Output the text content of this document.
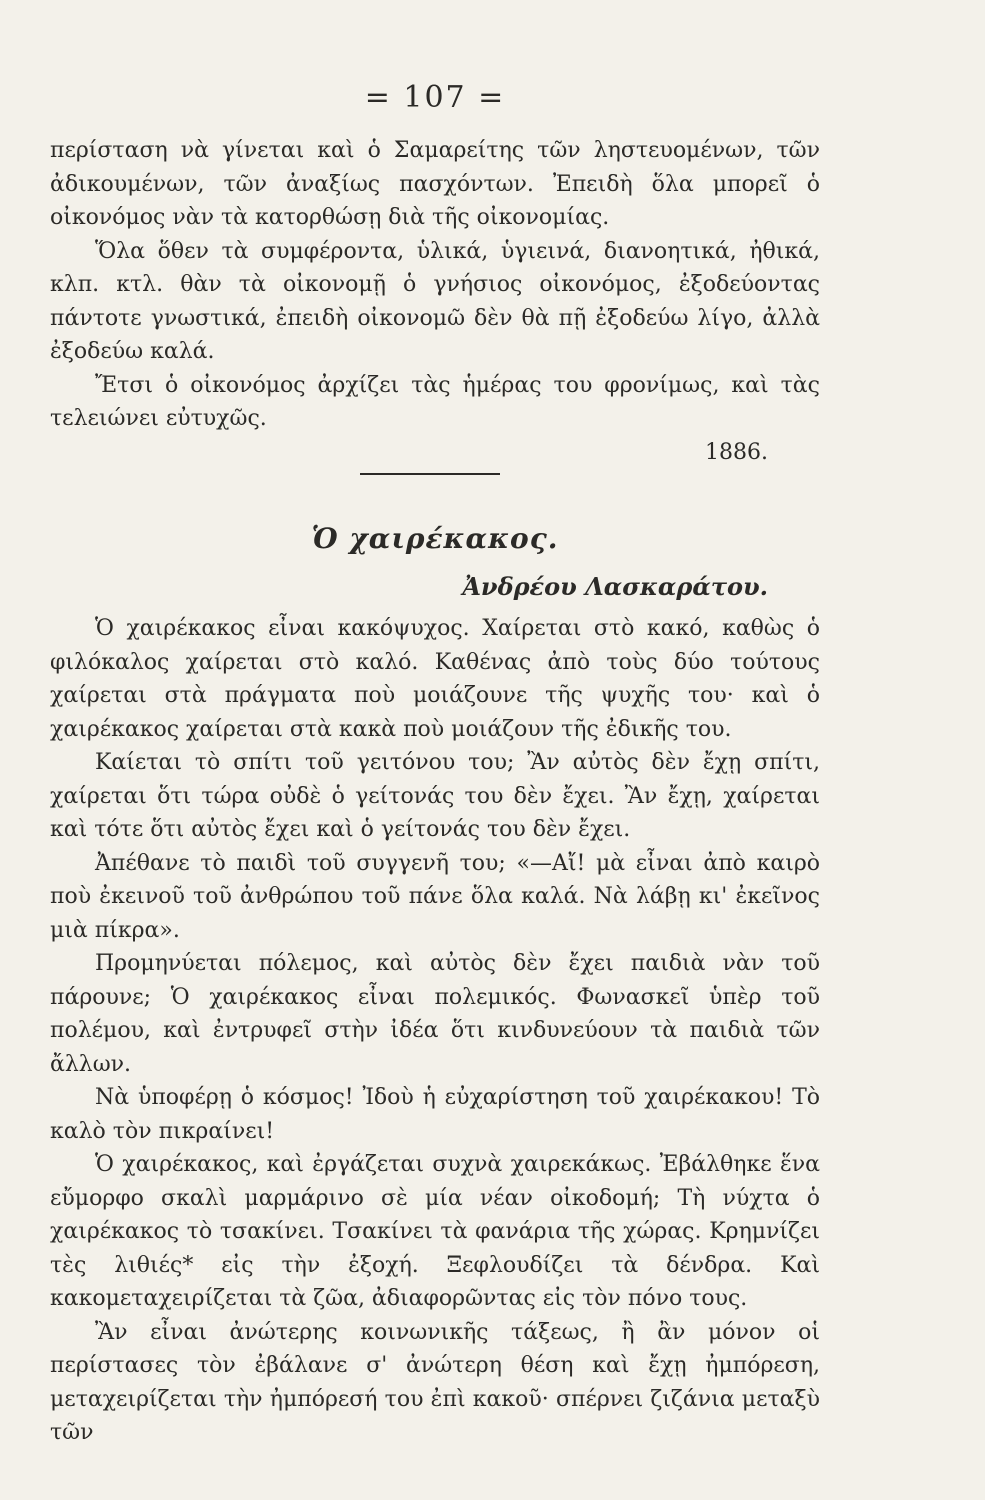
= 107 =

περίσταση νὰ γίνεται καὶ ὁ Σαμαρείτης τῶν ληστευομένων, τῶν ἀδικουμένων, τῶν ἀναξίως πασχόντων. Ἐπειδὴ ὅλα μπορεῖ ὁ οἰκονόμος νὰν τὰ κατορθώσῃ διὰ τῆς οἰκονομίας.

Ὅλα ὅθεν τὰ συμφέροντα, ὑλικά, ὑγιεινά, διανοητικά, ἠθικά, κλπ. κτλ. θὰν τὰ οἰκονομῇ ὁ γνήσιος οἰκονόμος, ἐξοδεύοντας πάντοτε γνωστικά, ἐπειδὴ οἰκονομῶ δὲν θὰ πῇ ἐξοδεύω λίγο, ἀλλὰ ἐξοδεύω καλά.

Ἔτσι ὁ οἰκονόμος ἀρχίζει τὰς ἡμέρας του φρονίμως, καὶ τὰς τελειώνει εὐτυχῶς.

1886.
Ὁ χαιρέκακος.
Ἀνδρέου Λασκαράτου.

Ὁ χαιρέκακος εἶναι κακόψυχος. Χαίρεται στὸ κακό, καθὼς ὁ φιλόκαλος χαίρεται στὸ καλό. Καθένας ἀπὸ τοὺς δύο τούτους χαίρεται στὰ πράγματα ποὺ μοιάζουνε τῆς ψυχῆς του· καὶ ὁ χαιρέκακος χαίρεται στὰ κακὰ ποὺ μοιάζουν τῆς ἐδικῆς του.

Καίεται τὸ σπίτι τοῦ γειτόνου του; Ἂν αὐτὸς δὲν ἔχῃ σπίτι, χαίρεται ὅτι τώρα οὐδὲ ὁ γείτονάς του δὲν ἔχει. Ἂν ἔχῃ, χαίρεται καὶ τότε ὅτι αὐτὸς ἔχει καὶ ὁ γείτονάς του δὲν ἔχει.

Ἀπέθανε τὸ παιδὶ τοῦ συγγενῆ του; «—Αἴ! μὰ εἶναι ἀπὸ καιρὸ ποὺ ἐκεινοῦ τοῦ ἀνθρώπου τοῦ πάνε ὅλα καλά. Νὰ λάβῃ κι' ἐκεῖνος μιὰ πίκρα».

Προμηνύεται πόλεμος, καὶ αὐτὸς δὲν ἔχει παιδιὰ νὰν τοῦ πάρουνε; Ὁ χαιρέκακος εἶναι πολεμικός. Φωνασκεῖ ὑπὲρ τοῦ πολέμου, καὶ ἐντρυφεῖ στὴν ἰδέα ὅτι κινδυνεύουν τὰ παιδιὰ τῶν ἄλλων.

Νὰ ὑποφέρῃ ὁ κόσμος! Ἰδοὺ ἡ εὐχαρίστηση τοῦ χαιρέκακου! Τὸ καλὸ τὸν πικραίνει!

Ὁ χαιρέκακος, καὶ ἐργάζεται συχνὰ χαιρεκάκως. Ἐβάλθηκε ἕνα εὔμορφο σκαλὶ μαρμάρινο σὲ μία νέαν οἰκοδομή; Τὴ νύχτα ὁ χαιρέκακος τὸ τσακίνει. Τσακίνει τὰ φανάρια τῆς χώρας. Κρημνίζει τὲς λιθιές* εἰς τὴν ἐξοχή. Ξεφλουδίζει τὰ δένδρα. Καὶ κακομεταχειρίζεται τὰ ζῶα, ἀδιαφορῶντας εἰς τὸν πόνο τους.

Ἂν εἶναι ἀνώτερης κοινωνικῆς τάξεως, ἢ ἂν μόνον οἱ περίστασες τὸν ἐβάλανε σ' ἀνώτερη θέση καὶ ἔχῃ ἠμπόρεση, μεταχειρίζεται τὴν ἠμπόρεσή του ἐπὶ κακοῦ· σπέρνει ζιζάνια μεταξὺ τῶν
